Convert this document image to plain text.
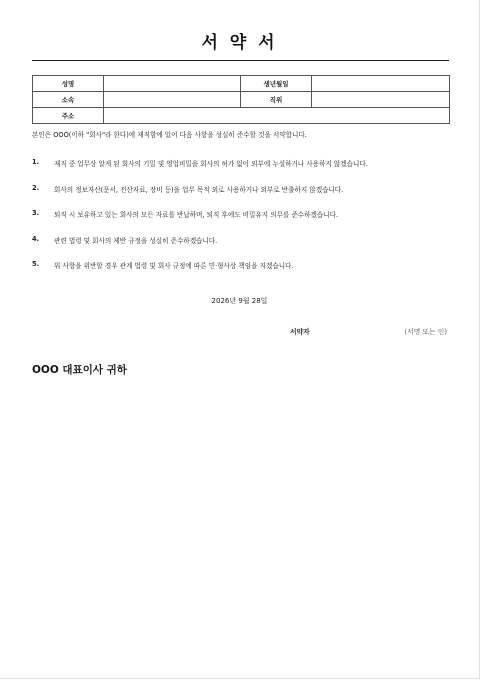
서 약 서
성명		생년월일	
소속		직위	
주소			
본인은 OOO(이하 "회사"라 한다)에 재직함에 있어 다음 사항을 성실히 준수할 것을 서약합니다.
1. 재직 중 업무상 알게 된 회사의 기밀 및 영업비밀을 회사의 허가 없이 외부에 누설하거나 사용하지 않겠습니다.
2. 회사의 정보자산(문서, 전산자료, 장비 등)을 업무 목적 외로 사용하거나 외부로 반출하지 않겠습니다.
3. 퇴직 시 보유하고 있는 회사의 모든 자료를 반납하며, 퇴직 후에도 비밀유지 의무를 준수하겠습니다.
4. 관련 법령 및 회사의 제반 규정을 성실히 준수하겠습니다.
5. 위 사항을 위반할 경우 관계 법령 및 회사 규정에 따른 민·형사상 책임을 지겠습니다.
2026년 9월 28일
서약자	(서명 또는 인)
OOO 대표이사 귀하
